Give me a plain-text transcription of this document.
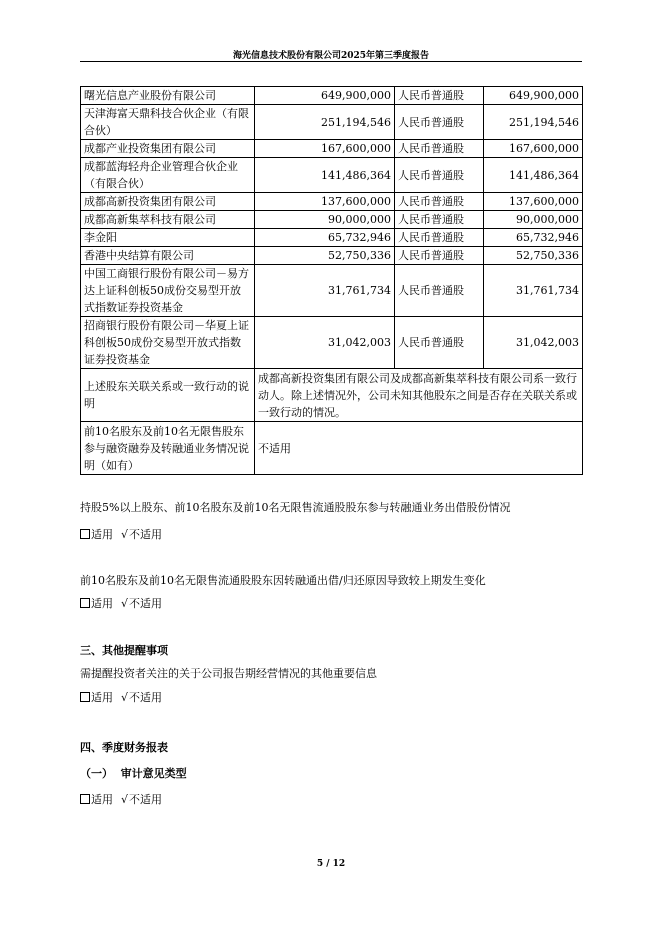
海光信息技术股份有限公司2025年第三季度报告
曙光信息产业股份有限公司	649,900,000	人民币普通股	649,900,000
天津海富天鼎科技合伙企业（有限合伙）	251,194,546	人民币普通股	251,194,546
成都产业投资集团有限公司	167,600,000	人民币普通股	167,600,000
成都蓝海轻舟企业管理合伙企业（有限合伙）	141,486,364	人民币普通股	141,486,364
成都高新投资集团有限公司	137,600,000	人民币普通股	137,600,000
成都高新集萃科技有限公司	90,000,000	人民币普通股	90,000,000
李金阳	65,732,946	人民币普通股	65,732,946
香港中央结算有限公司	52,750,336	人民币普通股	52,750,336
中国工商银行股份有限公司－易方达上证科创板50成份交易型开放式指数证券投资基金	31,761,734	人民币普通股	31,761,734
招商银行股份有限公司－华夏上证科创板50成份交易型开放式指数证券投资基金	31,042,003	人民币普通股	31,042,003
上述股东关联关系或一致行动的说明	成都高新投资集团有限公司及成都高新集萃科技有限公司系一致行动人。除上述情况外，公司未知其他股东之间是否存在关联关系或一致行动的情况。		
前10名股东及前10名无限售股东参与融资融券及转融通业务情况说明（如有）	不适用		
持股5%以上股东、前10名股东及前10名无限售流通股股东参与转融通业务出借股份情况
适用 √不适用
前10名股东及前10名无限售流通股股东因转融通出借/归还原因导致较上期发生变化
适用 √不适用
三、其他提醒事项
需提醒投资者关注的关于公司报告期经营情况的其他重要信息
适用 √不适用
四、季度财务报表
（一）  审计意见类型
适用 √不适用
5 / 12
